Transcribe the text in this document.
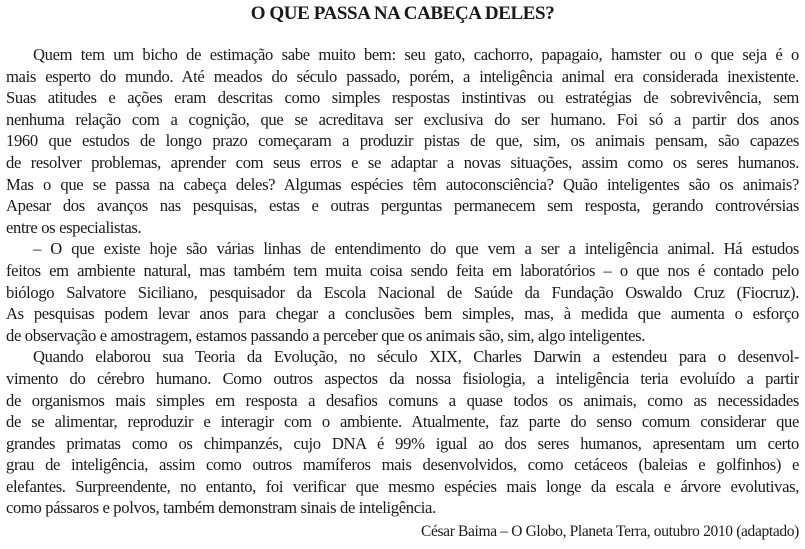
O QUE PASSA NA CABEÇA DELES?
Quem tem um bicho de estimação sabe muito bem: seu gato, cachorro, papagaio, hamster ou o que seja é o
mais esperto do mundo. Até meados do século passado, porém, a inteligência animal era considerada inexistente.
Suas atitudes e ações eram descritas como simples respostas instintivas ou estratégias de sobrevivência, sem
nenhuma relação com a cognição, que se acreditava ser exclusiva do ser humano. Foi só a partir dos anos
1960 que estudos de longo prazo começaram a produzir pistas de que, sim, os animais pensam, são capazes
de resolver problemas, aprender com seus erros e se adaptar a novas situações, assim como os seres humanos.
Mas o que se passa na cabeça deles? Algumas espécies têm autoconsciência? Quão inteligentes são os animais?
Apesar dos avanços nas pesquisas, estas e outras perguntas permanecem sem resposta, gerando controvérsias
entre os especialistas.
– O que existe hoje são várias linhas de entendimento do que vem a ser a inteligência animal. Há estudos
feitos em ambiente natural, mas também tem muita coisa sendo feita em laboratórios – o que nos é contado pelo
biólogo Salvatore Siciliano, pesquisador da Escola Nacional de Saúde da Fundação Oswaldo Cruz (Fiocruz).
As pesquisas podem levar anos para chegar a conclusões bem simples, mas, à medida que aumenta o esforço
de observação e amostragem, estamos passando a perceber que os animais são, sim, algo inteligentes.
Quando elaborou sua Teoria da Evolução, no século XIX, Charles Darwin a estendeu para o desenvol-
vimento do cérebro humano. Como outros aspectos da nossa fisiologia, a inteligência teria evoluído a partir
de organismos mais simples em resposta a desafios comuns a quase todos os animais, como as necessidades
de se alimentar, reproduzir e interagir com o ambiente. Atualmente, faz parte do senso comum considerar que
grandes primatas como os chimpanzés, cujo DNA é 99% igual ao dos seres humanos, apresentam um certo
grau de inteligência, assim como outros mamíferos mais desenvolvidos, como cetáceos (baleias e golfinhos) e
elefantes. Surpreendente, no entanto, foi verificar que mesmo espécies mais longe da escala e árvore evolutivas,
como pássaros e polvos, também demonstram sinais de inteligência.
César Baima – O Globo, Planeta Terra, outubro 2010 (adaptado)
